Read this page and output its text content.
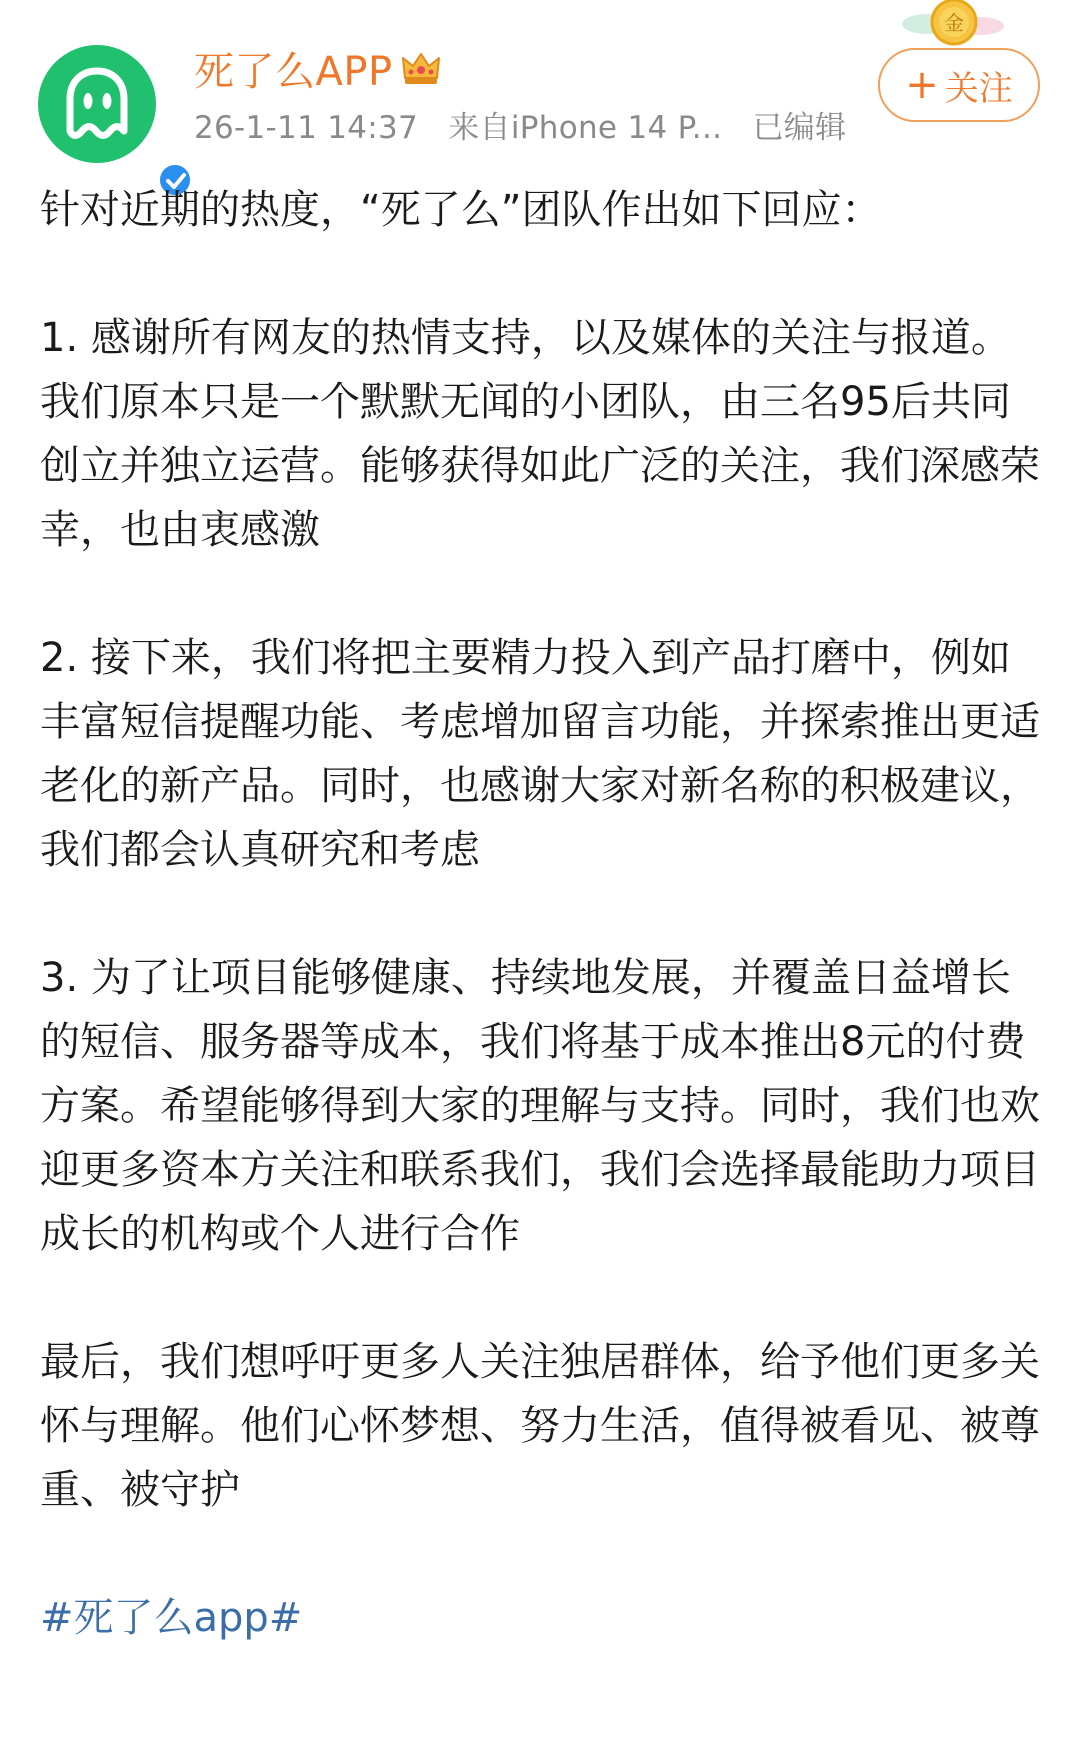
金
死了么APP
26-1-11 14:37 来自iPhone 14 P... 已编辑
+ 关注

针对近期的热度，“死了么”团队作出如下回应：

1. 感谢所有网友的热情支持，以及媒体的关注与报道。我们原本只是一个默默无闻的小团队，由三名95后共同创立并独立运营。能够获得如此广泛的关注，我们深感荣幸，也由衷感激

2. 接下来，我们将把主要精力投入到产品打磨中，例如丰富短信提醒功能、考虑增加留言功能，并探索推出更适老化的新产品。同时，也感谢大家对新名称的积极建议，我们都会认真研究和考虑

3. 为了让项目能够健康、持续地发展，并覆盖日益增长的短信、服务器等成本，我们将基于成本推出8元的付费方案。希望能够得到大家的理解与支持。同时，我们也欢迎更多资本方关注和联系我们，我们会选择最能助力项目成长的机构或个人进行合作

最后，我们想呼吁更多人关注独居群体，给予他们更多关怀与理解。他们心怀梦想、努力生活，值得被看见、被尊重、被守护

#死了么app#
